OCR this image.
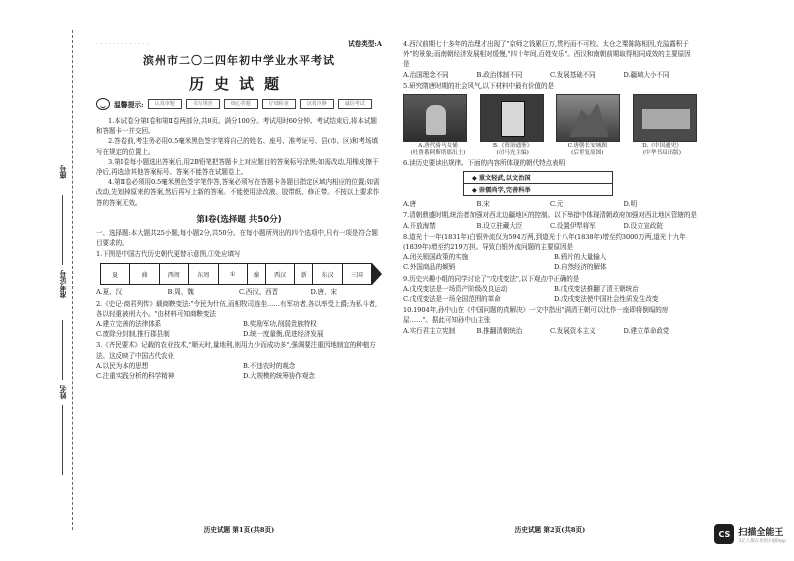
座号
准考证号
姓名
. . . . . . . . . . . . .	试卷类型:A
滨州市二〇二四年初中学业水平考试
历史试题
温馨提示:	认真审题	书写规范	细心答题	仔细检查	沉着冷静	诚信考试

1.本试卷分第Ⅰ卷和第Ⅱ卷两部分,共8页。满分100分。考试用时60分钟。考试结束后,将本试题和答题卡一并交回。

2.答卷前,考生务必用0.5毫米黑色签字笔将自己的姓名、座号、准考证号、县(市、区)和考场填写在规定的位置上。

3.第Ⅰ卷每小题选出答案后,用2B铅笔把答题卡上对应题目的答案标号涂黑;如需改动,用橡皮擦干净后,再选涂其他答案标号。答案不能答在试题卷上。

4.第Ⅱ卷必须用0.5毫米黑色签字笔作答,答案必须写在答题卡各题目指定区域内相应的位置;如需改动,先划掉原来的答案,然后再写上新的答案。不能使用涂改液、胶带纸、修正带。不按以上要求作答的答案无效。

第Ⅰ卷(选择题 共50分)

一、选择题:本大题共25小题,每小题2分,共50分。在每小题所列出的四个选项中,只有一项是符合题目要求的。

1.下图是中国古代历史朝代更替示意图,①处应填写

夏	商	西周	东周	①	秦	西汉	新	东汉	三国
A.夏、汉	B.周、魏	C.西汉、西晋	D.唐、宋

2.《史记·商君列传》载商鞅变法:"令民为什伍,而相牧司连坐……有军功者,各以率受上爵;为私斗者,各以轻重被刑大小。"由材料可知商鞅变法

A.建立完善的法律体系	B.奖励军功,削弱贵族特权
C.废除分封制,推行郡县制	D.统一度量衡,促进经济发展

3.《齐民要术》记载的农业技术,"顺天时,量地利,则用力少而成功多",强调要注重因地制宜的种植方法。这反映了中国古代农业

A.以民为本的思想	B.不违农时的观念
C.注重实践分析的科学精神	D.大规模的统筹协作观念
历史试题 第1页(共8页)

4.西汉前期七十多年的治理才出现了"京师之钱累巨万,贯朽而不可校。太仓之粟陈陈相因,充溢露积于外"的景象;而南朝经济发展相对缓慢,"四十年间,百姓安乐"。西汉和南朝前期取得相同成效的主要原因是

A.治国理念不同	B.政治体制不同	C.发展基础不同	D.疆域大小不同

5.研究隋唐时期的社会风气,以下材料中最有价值的是

A.唐代骑马女俑	B.《资治通鉴》	C.唐朝长安城图	D.《中国通史》
(吐鲁番阿斯塔那出土)	(司马光主编)	(后世复原图)	(中华书局出版)

6.读历史要读出规律。下面的内容所体现的朝代特点表明

◆ 重文轻武,以文治国
◆ 崇儒尚学,完善科举
A.唐	B.宋	C.元	D.明

7.清朝鼎盛时期,统治者加强对西北边疆地区的控制。以下举措中体现清朝政府加强对西北地区管辖的是

A.开放海禁	B.设立驻藏大臣	C.设置伊犁将军	D.设立宣政院

8.道光十一年(1831年)白银外流仅为594万两,到道光十八年(1838年)增至约3000万两,道光十九年(1839年)增至约219万担。导致白银外流问题的主要原因是

A.闭关锁国政策的实施	B.鸦片的大量输入
C.外国商品的倾销	D.自然经济的解体

9.历史兴趣小组的同学讨论了"戊戌变法",以下观点中正确的是

A.戊戌变法是一场资产阶级改良运动	B.戊戌变法推翻了清王朝统治
C.戊戌变法是一场全国范围的革命	D.戊戌变法使中国社会性质发生改变

10.1904年,孙中山在《中国问题的真解决》一文中指出"满清王朝可以比作一座即将倒塌的房屋……"。据此可知孙中山主张

A.实行君主立宪制	B.推翻清朝统治	C.发展资本主义	D.建立革命政党
历史试题 第2页(共8页)	CS 扫描全能王
3亿人都在用的扫描App
